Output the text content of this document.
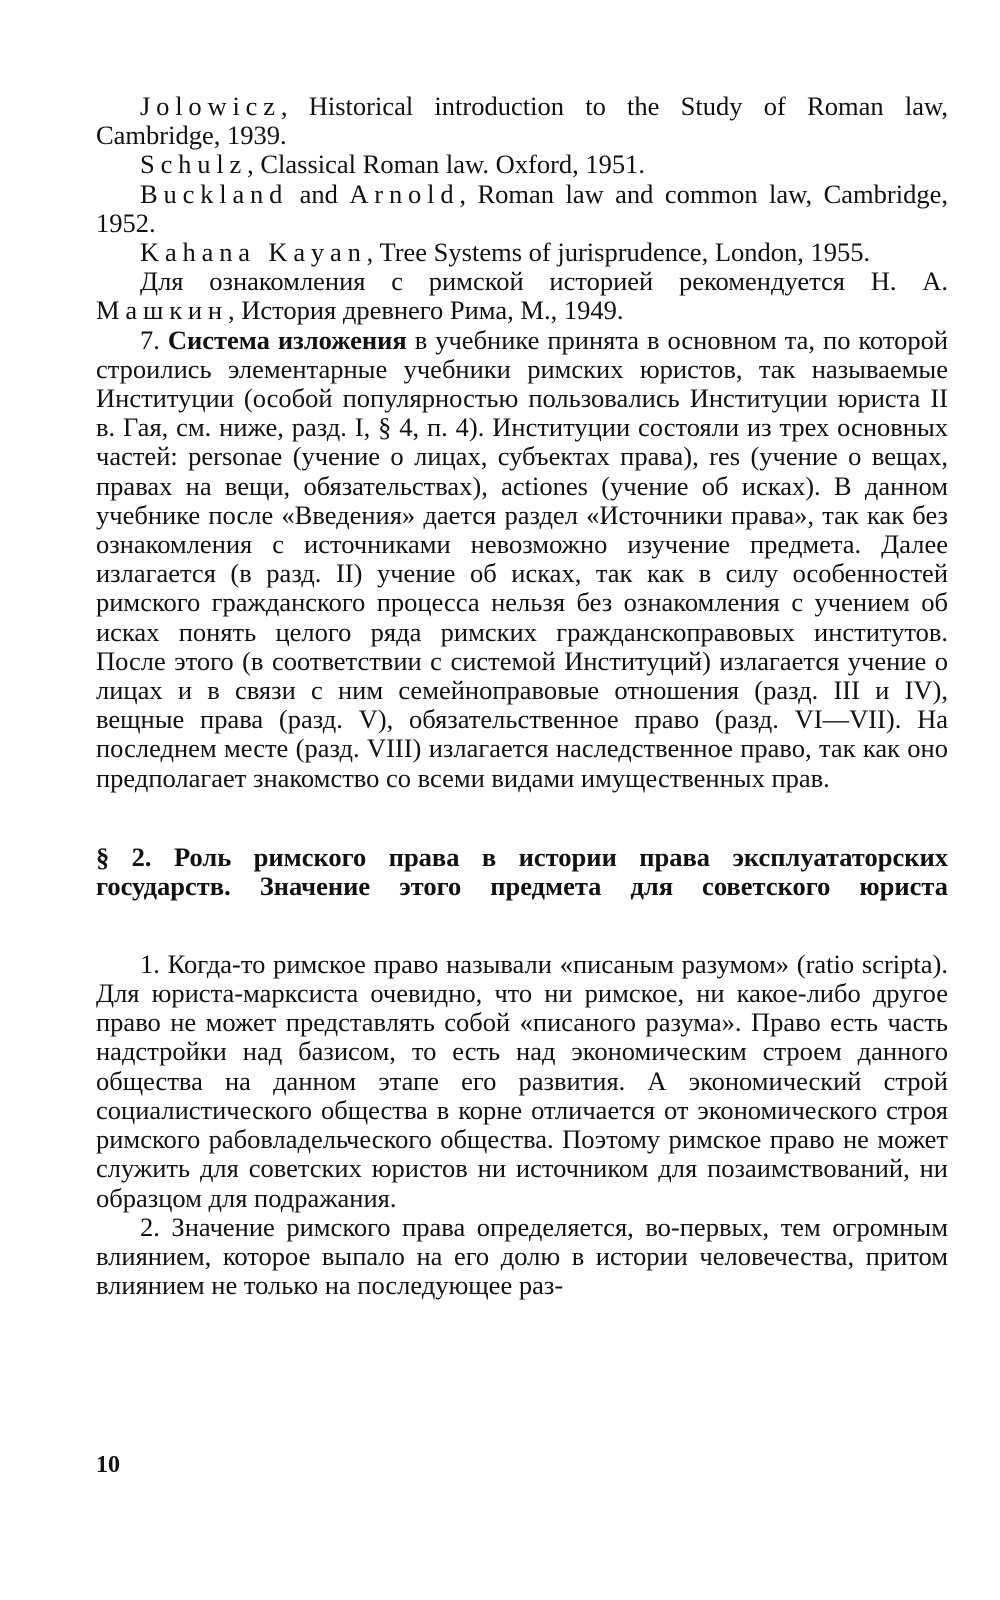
Jolowicz, Historical introduction to the Study of Roman law, Cambridge, 1939.

Schulz, Classical Roman law. Oxford, 1951.

Buckland and Arnold, Roman law and common law, Cambridge, 1952.

Kahana Kayan, Tree Systems of jurisprudence, London, 1955.

Для ознакомления с римской историей рекомендуется Н. А. Машкин, История древнего Рима, М., 1949.

7. Система изложения в учебнике принята в основном та, по которой строились элементарные учебники римских юристов, так называемые Институции (особой популярностью пользовались Институции юриста II в. Гая, см. ниже, разд. I, § 4, п. 4). Институции состояли из трех основных частей: personae (учение о лицах, субъектах права), res (учение о вещах, правах на вещи, обязательствах), actiones (учение об исках). В данном учебнике после «Введения» дается раздел «Источники права», так как без ознакомления с источниками невозможно изучение предмета. Далее излагается (в разд. II) учение об исках, так как в силу особенностей римского гражданского процесса нельзя без ознакомления с учением об исках понять целого ряда римских гражданскоправовых институтов. После этого (в соответствии с системой Институций) излагается учение о лицах и в связи с ним семейноправовые отношения (разд. III и IV), вещные права (разд. V), обязательственное право (разд. VI—VII). На последнем месте (разд. VIII) излагается наследственное право, так как оно предполагает знакомство со всеми видами имущественных прав.

§ 2. Роль римского права в истории права эксплуататорских государств. Значение этого предмета для советского юриста

1. Когда-то римское право называли «писаным разумом» (ratio scripta). Для юриста-марксиста очевидно, что ни римское, ни какое-либо другое право не может представлять собой «писаного разума». Право есть часть надстройки над базисом, то есть над экономическим строем данного общества на данном этапе его развития. А экономический строй социалистического общества в корне отличается от экономического строя римского рабовладельческого общества. Поэтому римское право не может служить для советских юристов ни источником для позаимствований, ни образцом для подражания.

2. Значение римского права определяется, во-первых, тем огромным влиянием, которое выпало на его долю в истории человечества, притом влиянием не только на последующее раз-

10
